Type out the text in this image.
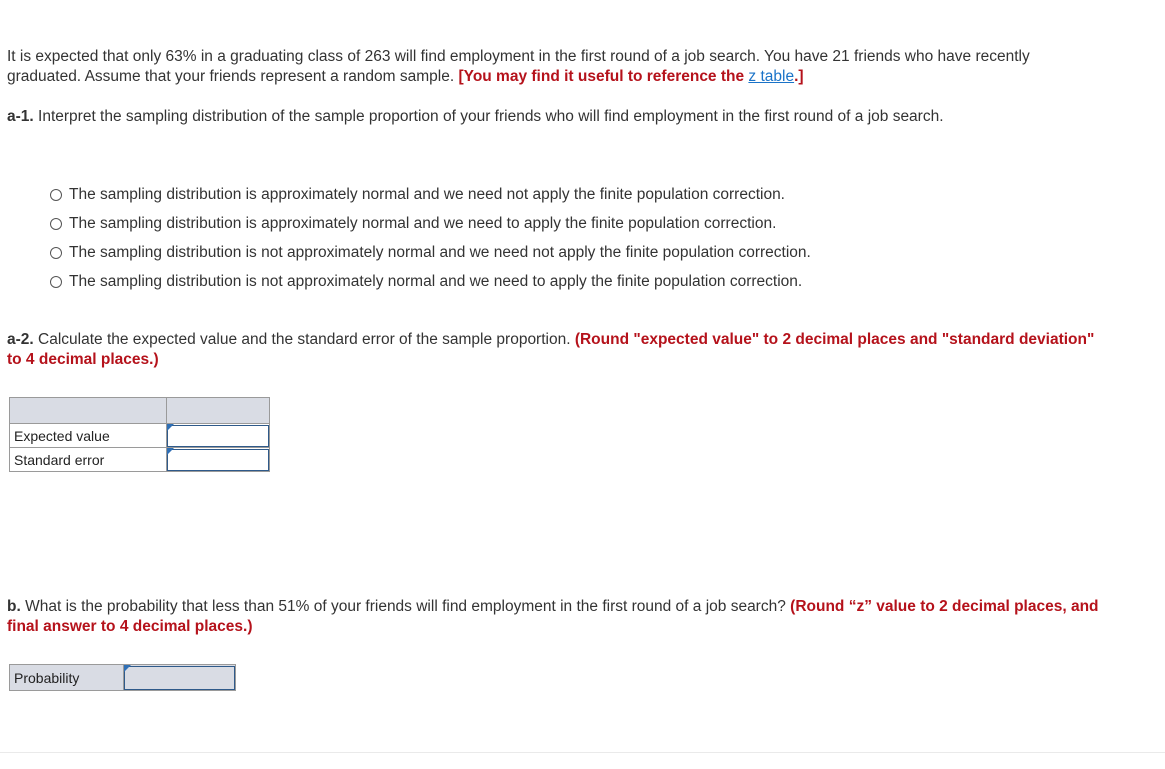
It is expected that only 63% in a graduating class of 263 will find employment in the first round of a job search. You have 21 friends who have recently graduated. Assume that your friends represent a random sample. [You may find it useful to reference the z table.]

a-1. Interpret the sampling distribution of the sample proportion of your friends who will find employment in the first round of a job search.

The sampling distribution is approximately normal and we need not apply the finite population correction.
The sampling distribution is approximately normal and we need to apply the finite population correction.
The sampling distribution is not approximately normal and we need not apply the finite population correction.
The sampling distribution is not approximately normal and we need to apply the finite population correction.

a-2. Calculate the expected value and the standard error of the sample proportion. (Round "expected value" to 2 decimal places and "standard deviation" to 4 decimal places.)

Expected value	

Standard error	

b. What is the probability that less than 51% of your friends will find employment in the first round of a job search? (Round “z” value to 2 decimal places, and final answer to 4 decimal places.)

Probability	
